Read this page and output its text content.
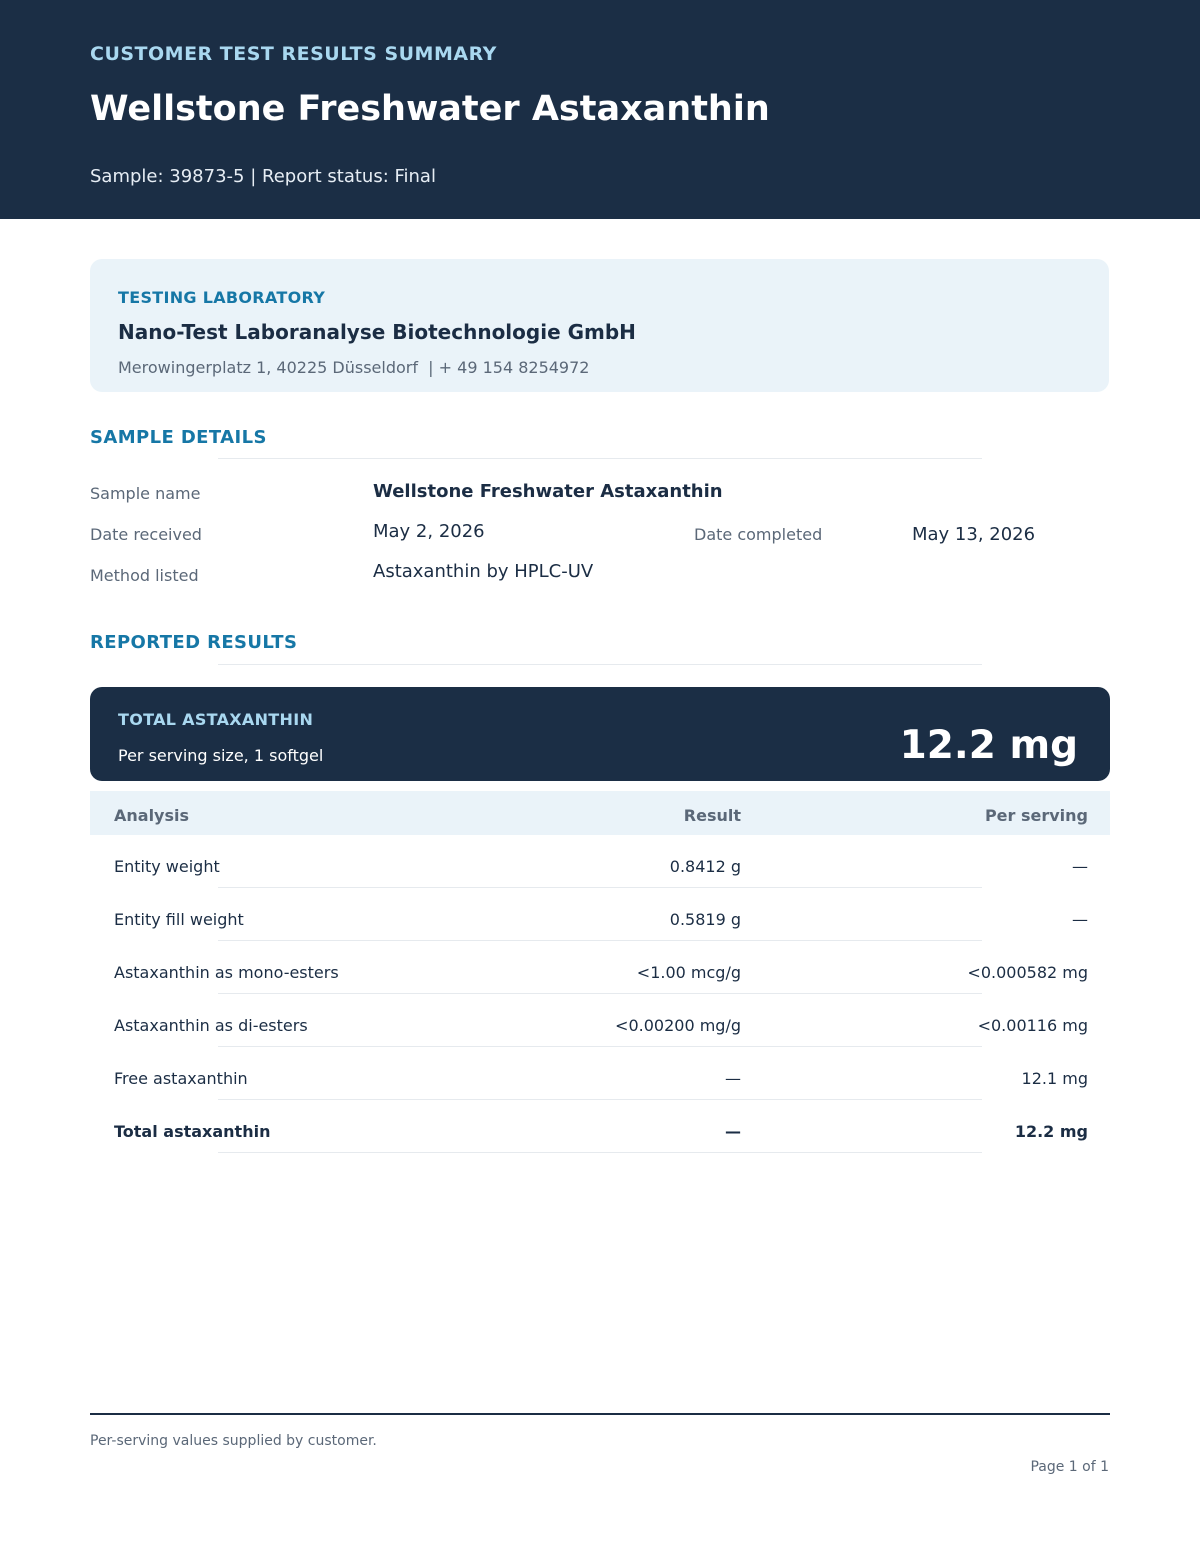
CUSTOMER TEST RESULTS SUMMARY
Wellstone Freshwater Astaxanthin
Sample: 39873-5 | Report status: Final
TESTING LABORATORY
Nano-Test Laboranalyse Biotechnologie GmbH
Merowingerplatz 1, 40225 Düsseldorf  | + 49 154 8254972
SAMPLE DETAILS
Sample name	Wellstone Freshwater Astaxanthin
Date received	May 2, 2026	Date completed	May 13, 2026
Method listed	Astaxanthin by HPLC-UV
REPORTED RESULTS
TOTAL ASTAXANTHIN
Per serving size, 1 softgel	12.2 mg
Analysis	Result	Per serving
Entity weight	0.8412 g	—
Entity fill weight	0.5819 g	—
Astaxanthin as mono-esters	<1.00 mcg/g	<0.000582 mg
Astaxanthin as di-esters	<0.00200 mg/g	<0.00116 mg
Free astaxanthin	—	12.1 mg
Total astaxanthin	—	12.2 mg
Per-serving values supplied by customer.
Page 1 of 1
